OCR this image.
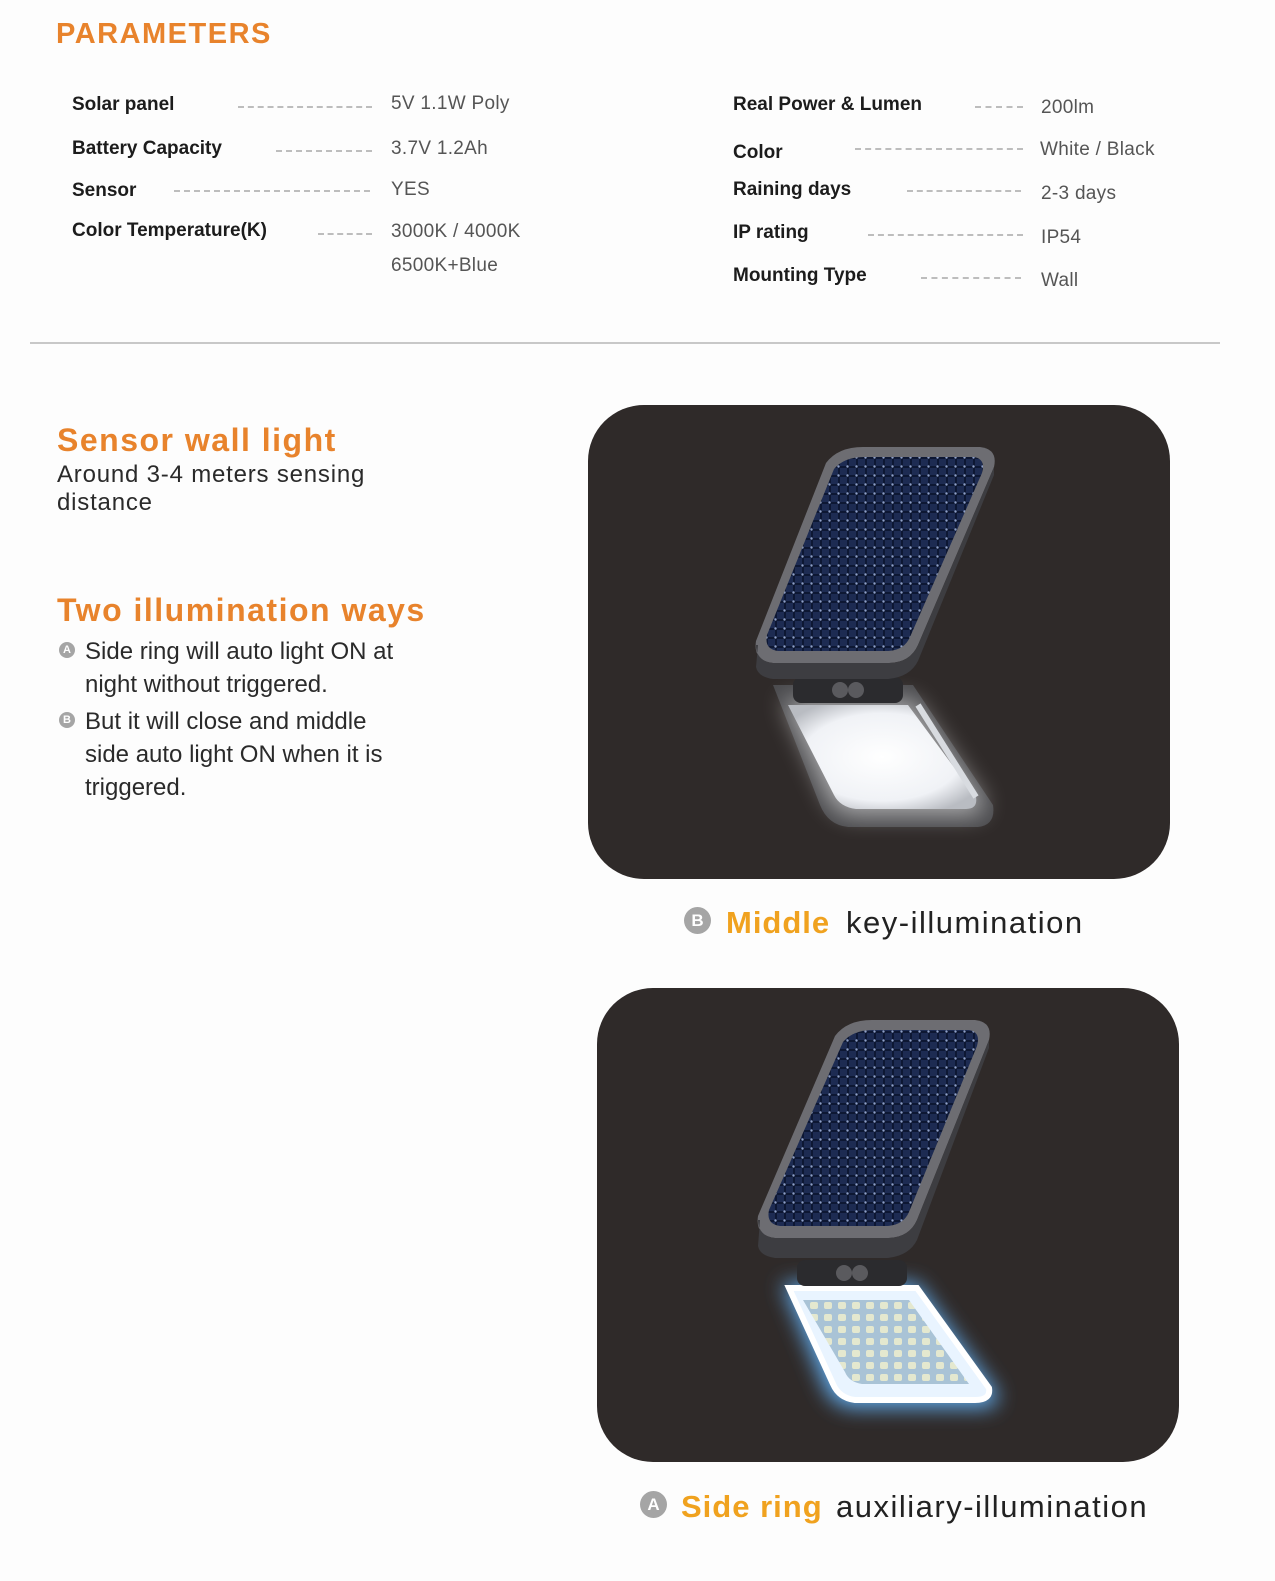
PARAMETERS
Solar panel	5V 1.1W Poly
Battery Capacity	3.7V 1.2Ah
Sensor	YES
Color Temperature(K)	3000K / 4000K
6500K+Blue
Real Power & Lumen	200lm
Color	White / Black
Raining days	2-3 days
IP rating	IP54
Mounting Type	Wall
Sensor wall light
Around 3-4 meters sensing distance
Two illumination ways
A Side ring will auto light ON at night without triggered.
B But it will close and middle side auto light ON when it is triggered.
B Middle key-illumination
A Side ring auxiliary-illumination
